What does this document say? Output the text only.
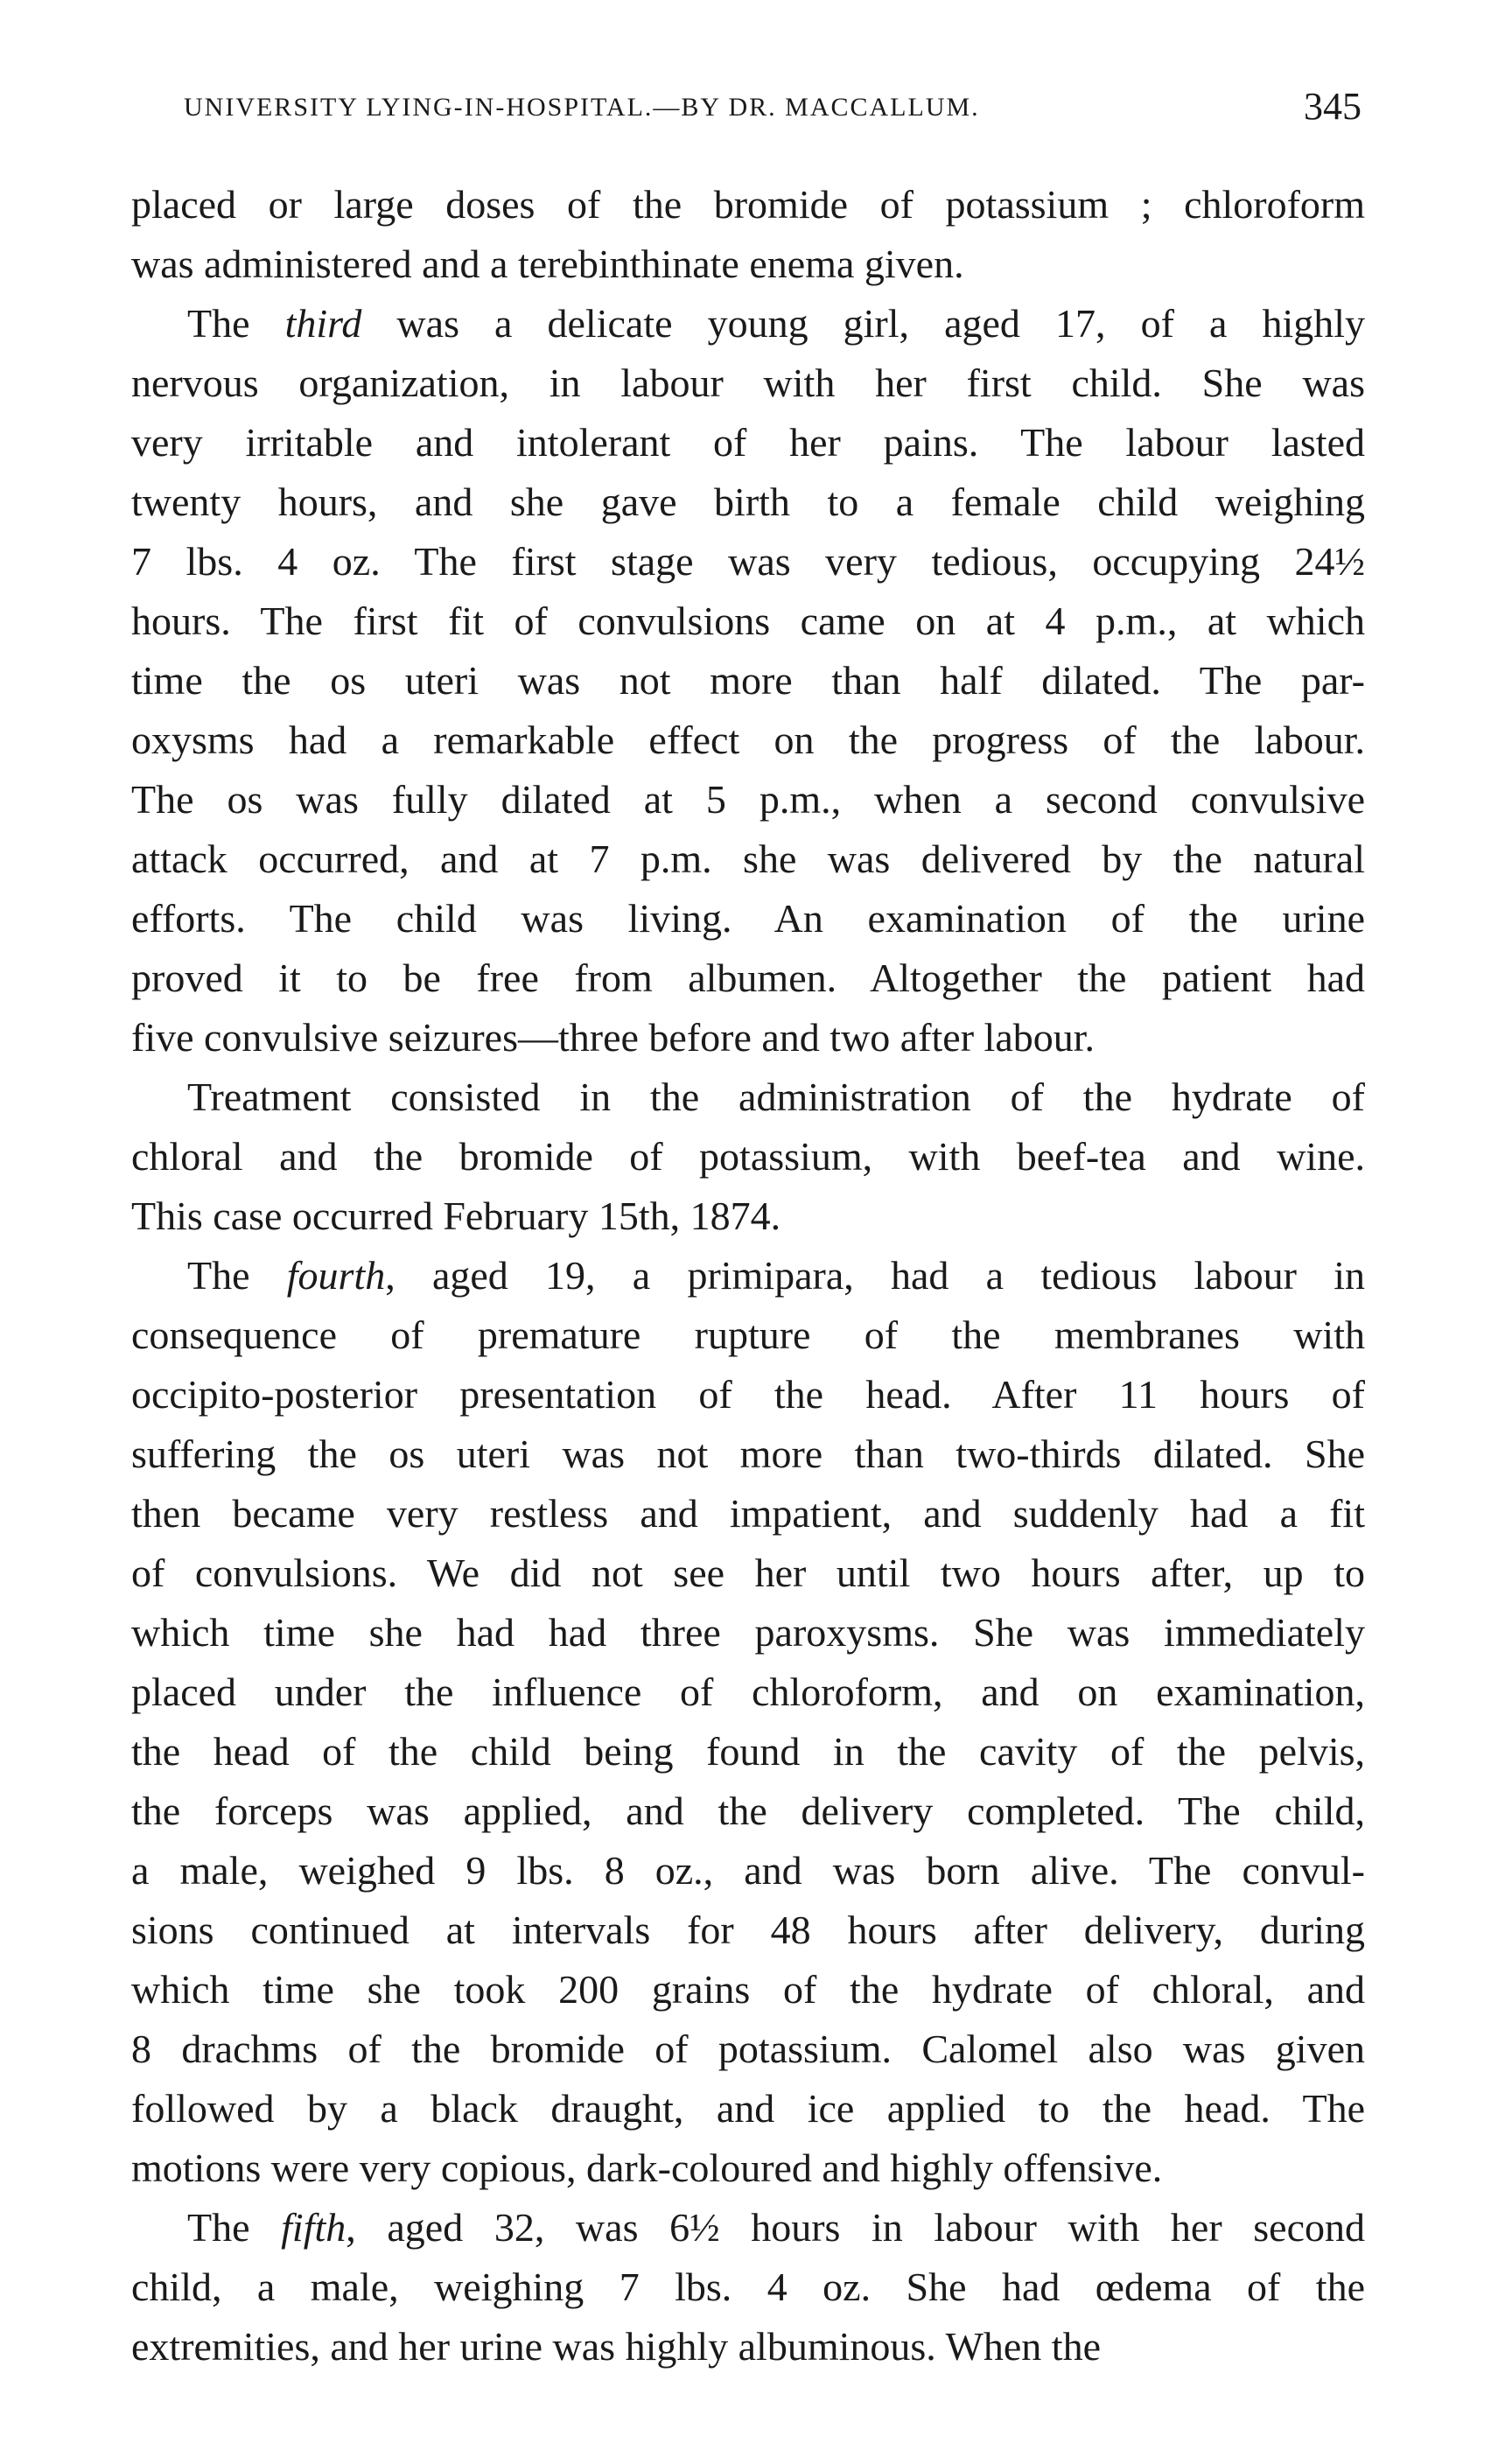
UNIVERSITY LYING-IN-HOSPITAL.—BY DR. MACCALLUM.	345
placed or large doses of the bromide of potassium ; chloroform
was administered and a terebinthinate enema given.
The third was a delicate young girl, aged 17, of a highly
nervous organization, in labour with her first child. She was
very irritable and intolerant of her pains. The labour lasted
twenty hours, and she gave birth to a female child weighing
7 lbs. 4 oz. The first stage was very tedious, occupying 24½
hours. The first fit of convulsions came on at 4 p.m., at which
time the os uteri was not more than half dilated. The par-
oxysms had a remarkable effect on the progress of the labour.
The os was fully dilated at 5 p.m., when a second convulsive
attack occurred, and at 7 p.m. she was delivered by the natural
efforts. The child was living. An examination of the urine
proved it to be free from albumen. Altogether the patient had
five convulsive seizures—three before and two after labour.
Treatment consisted in the administration of the hydrate of
chloral and the bromide of potassium, with beef-tea and wine.
This case occurred February 15th, 1874.
The fourth, aged 19, a primipara, had a tedious labour in
consequence of premature rupture of the membranes with
occipito-posterior presentation of the head. After 11 hours of
suffering the os uteri was not more than two-thirds dilated. She
then became very restless and impatient, and suddenly had a fit
of convulsions. We did not see her until two hours after, up to
which time she had had three paroxysms. She was immediately
placed under the influence of chloroform, and on examination,
the head of the child being found in the cavity of the pelvis,
the forceps was applied, and the delivery completed. The child,
a male, weighed 9 lbs. 8 oz., and was born alive. The convul-
sions continued at intervals for 48 hours after delivery, during
which time she took 200 grains of the hydrate of chloral, and
8 drachms of the bromide of potassium. Calomel also was given
followed by a black draught, and ice applied to the head. The
motions were very copious, dark-coloured and highly offensive.
The fifth, aged 32, was 6½ hours in labour with her second
child, a male, weighing 7 lbs. 4 oz. She had œdema of the
extremities, and her urine was highly albuminous. When the
